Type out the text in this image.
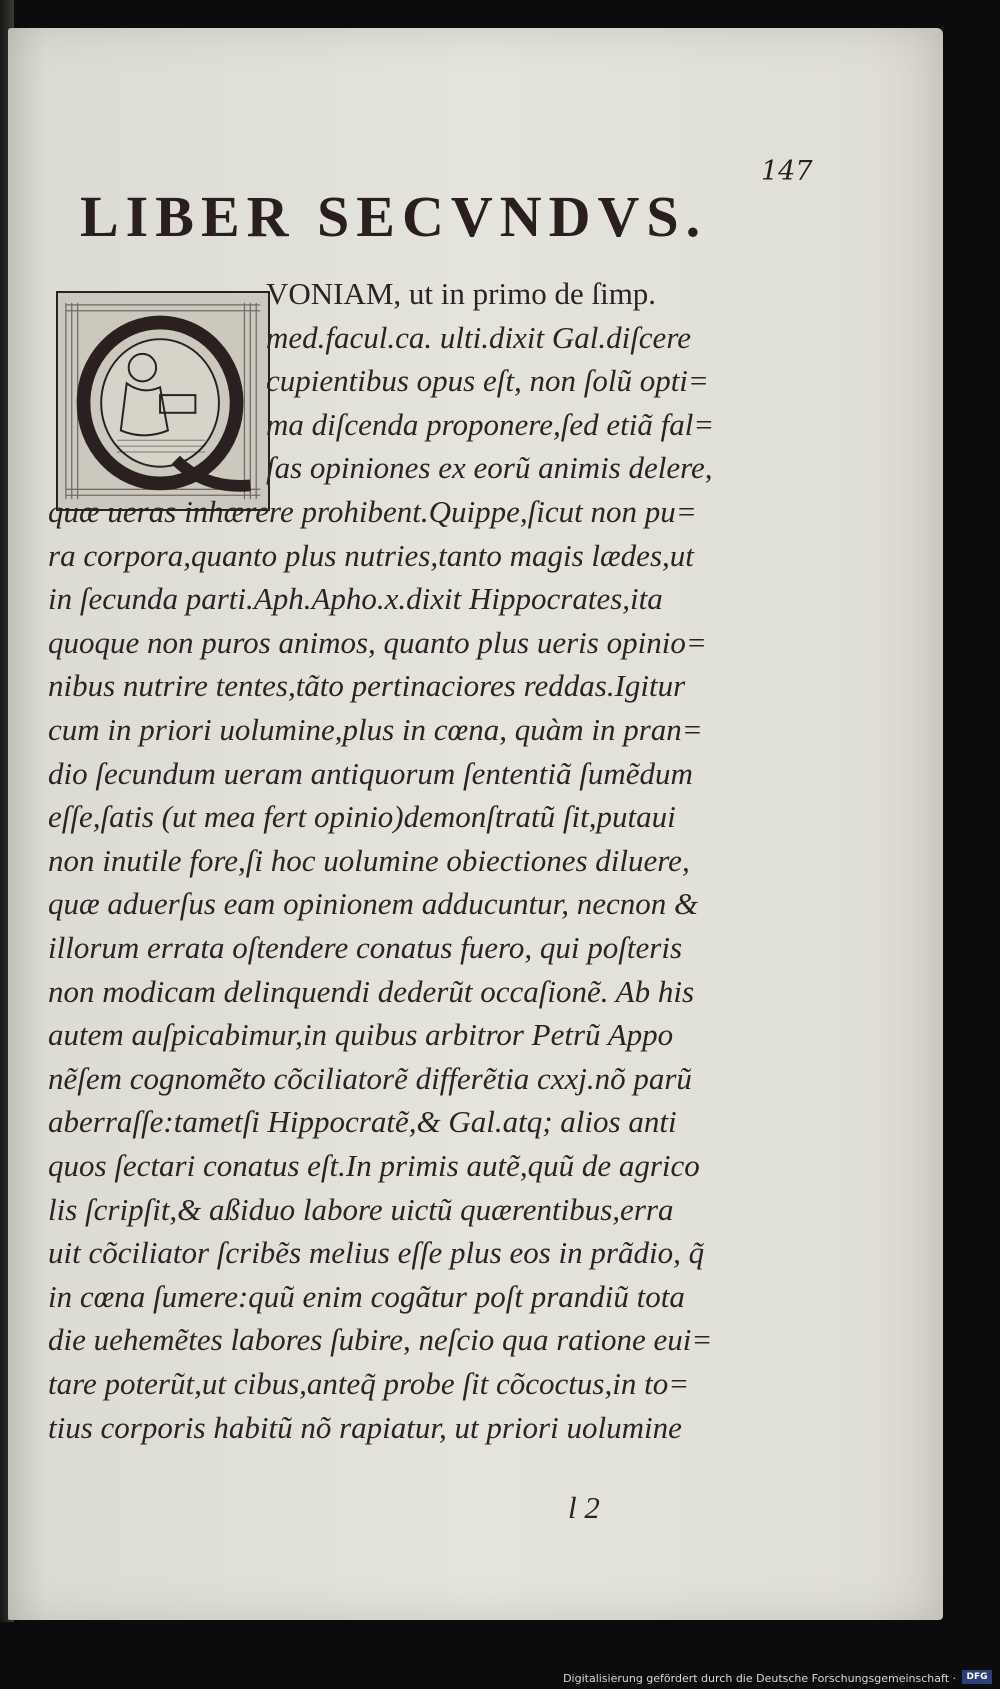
147

LIBER SECVNDVS.

VONIAM, ut in primo de ſimp.

med.facul.ca. ulti.dixit Gal.diſcere

cupientibus opus eſt, non ſolũ opti=

ma diſcenda proponere,ſed etiã fal=

ſas opiniones ex eorũ animis delere,

quæ ueras inhærere prohibent.Quippe,ſicut non pu=

ra corpora,quanto plus nutries,tanto magis lædes,ut

in ſecunda parti.Aph.Apho.x.dixit Hippocrates,ita

quoque non puros animos, quanto plus ueris opinio=

nibus nutrire tentes,tãto pertinaciores reddas.Igitur

cum in priori uolumine,plus in cœna, quàm in pran=

dio ſecundum ueram antiquorum ſententiã ſumẽdum

eſſe,ſatis (ut mea fert opinio)demonſtratũ ſit,putaui

non inutile fore,ſi hoc uolumine obiectiones diluere,

quæ aduerſus eam opinionem adducuntur, necnon &

illorum errata oſtendere conatus fuero, qui poſteris

non modicam delinquendi dederũt occaſionẽ. Ab his

autem auſpicabimur,in quibus arbitror Petrũ Appo

nẽſem cognomẽto cõciliatorẽ differẽtia cxxj.nõ parũ

aberraſſe:tametſi Hippocratẽ,& Gal.atq; alios anti

quos ſectari conatus eſt.In primis autẽ,quũ de agrico

lis ſcripſit,& aßiduo labore uictũ quærentibus,erra

uit cõciliator ſcribẽs melius eſſe plus eos in prãdio, q̃

in cœna ſumere:quũ enim cogãtur poſt prandiũ tota

die uehemẽtes labores ſubire, neſcio qua ratione eui=

tare poterũt,ut cibus,anteq̃ probe ſit cõcoctus,in to=

tius corporis habitũ nõ rapiatur, ut priori uolumine

l 2

Digitalisierung gefördert durch die Deutsche Forschungsgemeinschaft ·	DFG
